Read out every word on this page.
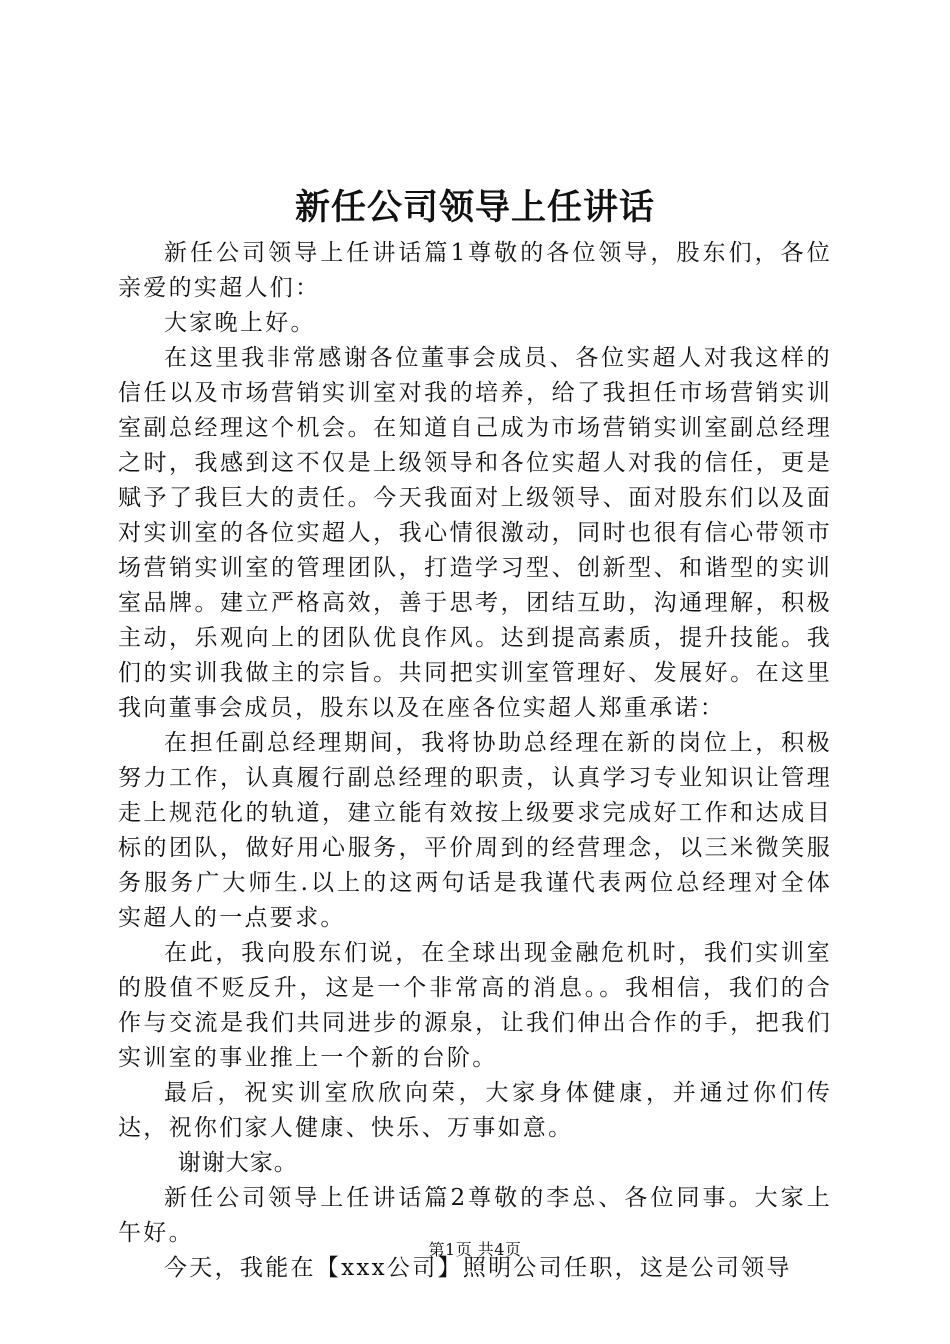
新任公司领导上任讲话

新任公司领导上任讲话篇1尊敬的各位领导，股东们，各位亲爱的实超人们：

大家晚上好。

在这里我非常感谢各位董事会成员、各位实超人对我这样的信任以及市场营销实训室对我的培养，给了我担任市场营销实训室副总经理这个机会。在知道自己成为市场营销实训室副总经理之时，我感到这不仅是上级领导和各位实超人对我的信任，更是赋予了我巨大的责任。今天我面对上级领导、面对股东们以及面对实训室的各位实超人，我心情很激动，同时也很有信心带领市场营销实训室的管理团队，打造学习型、创新型、和谐型的实训室品牌。建立严格高效，善于思考，团结互助，沟通理解，积极主动，乐观向上的团队优良作风。达到提高素质，提升技能。我们的实训我做主的宗旨。共同把实训室管理好、发展好。在这里我向董事会成员，股东以及在座各位实超人郑重承诺：

在担任副总经理期间，我将协助总经理在新的岗位上，积极努力工作，认真履行副总经理的职责，认真学习专业知识让管理走上规范化的轨道，建立能有效按上级要求完成好工作和达成目标的团队，做好用心服务，平价周到的经营理念，以三米微笑服务服务广大师生.以上的这两句话是我谨代表两位总经理对全体实超人的一点要求。

在此，我向股东们说，在全球出现金融危机时，我们实训室的股值不贬反升，这是一个非常高的消息。。我相信，我们的合作与交流是我们共同进步的源泉，让我们伸出合作的手，把我们实训室的事业推上一个新的台阶。

最后，祝实训室欣欣向荣，大家身体健康，并通过你们传达，祝你们家人健康、快乐、万事如意。

谢谢大家。

新任公司领导上任讲话篇2尊敬的李总、各位同事。大家上午好。

今天，我能在【xxx公司】照明公司任职，这是公司领导

第1页 共4页
